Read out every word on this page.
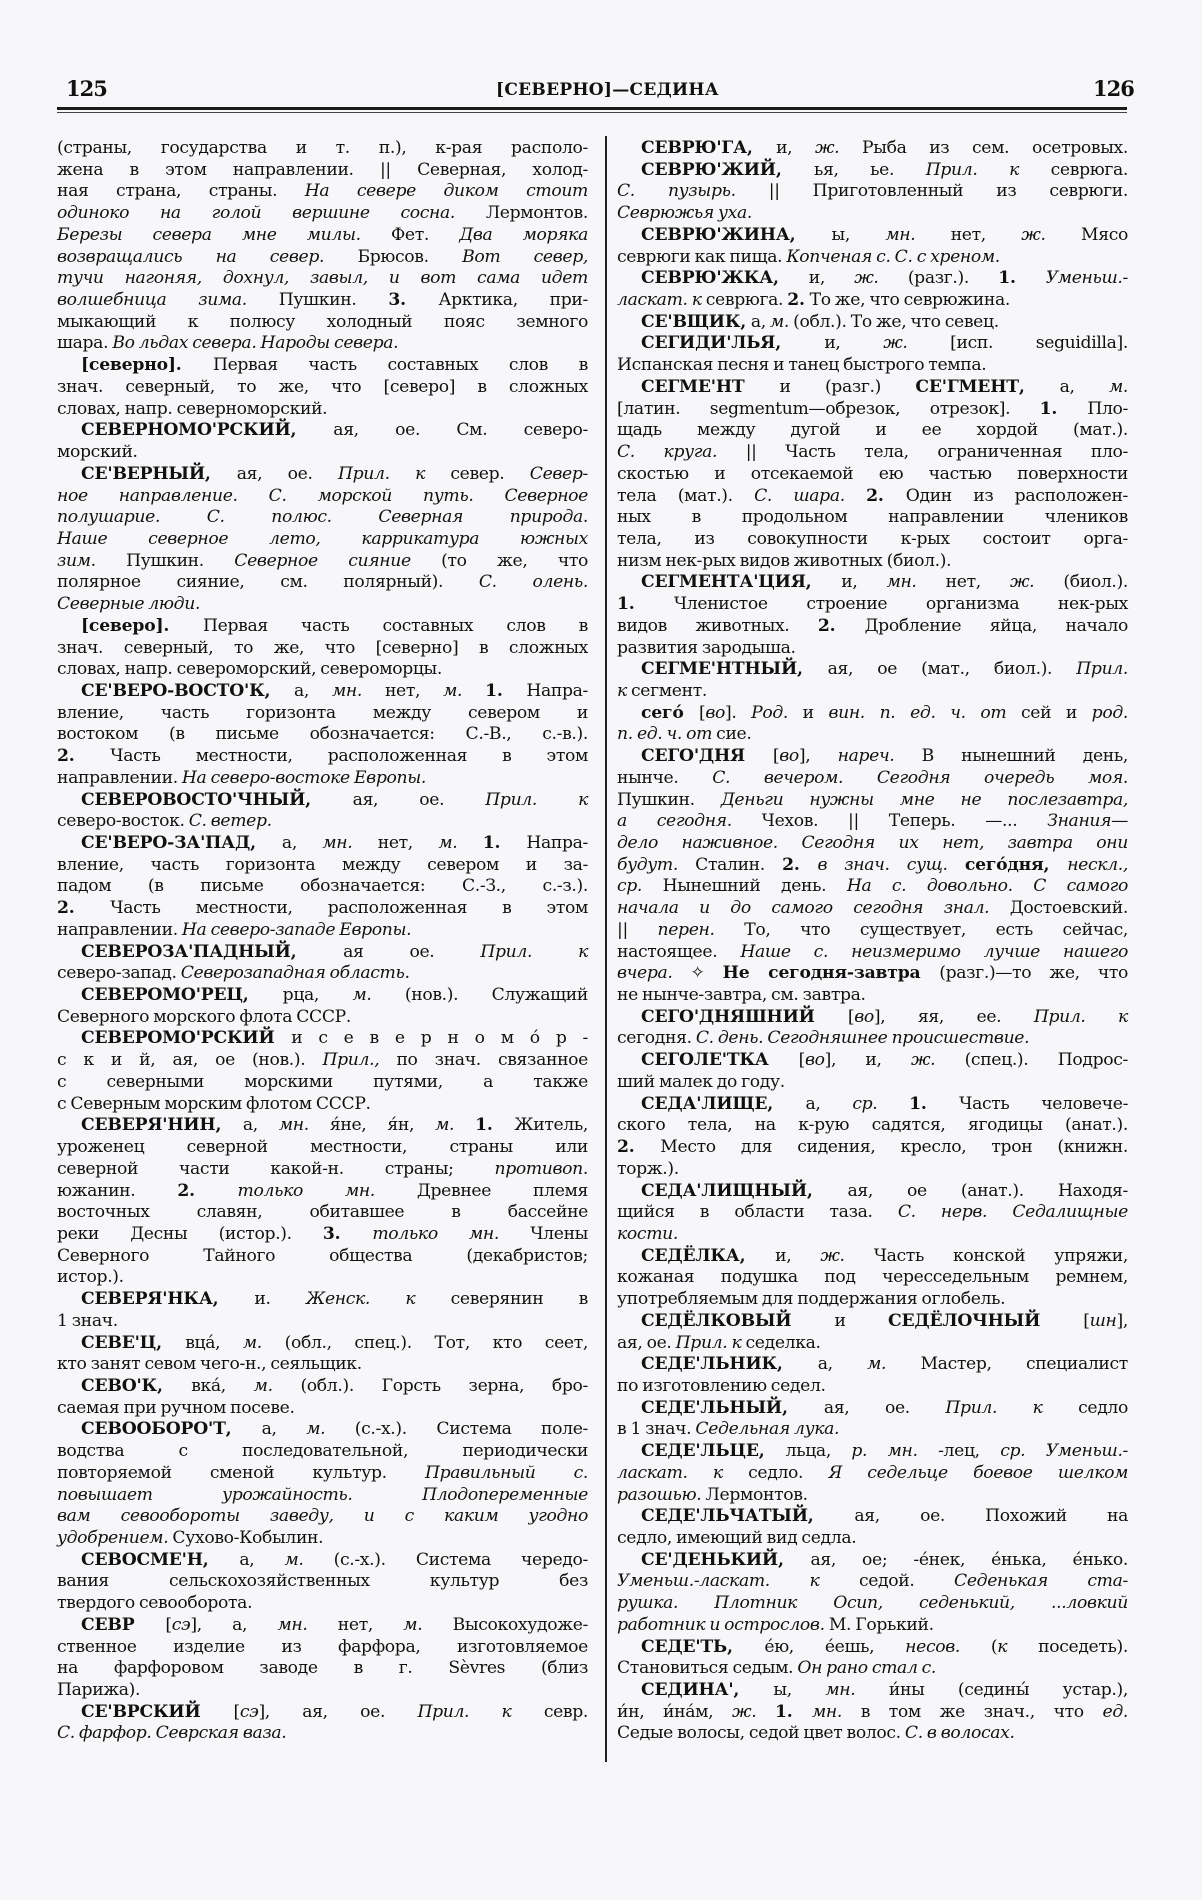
125	[СЕВЕРНО]—СЕДИНА	126
(страны, государства и т. п.), к-рая располо-
жена в этом направлении. || Северная, холод-
ная страна, страны. На севере диком стоит
одиноко на голой вершине сосна. Лермонтов.
Березы севера мне милы. Фет. Два моряка
возвращались на север. Брюсов. Вот север,
тучи нагоняя, дохнул, завыл, и вот сама идет
волшебница зима. Пушкин. 3. Арктика, при-
мыкающий к полюсу холодный пояс земного
шара. Во льдах севера. Народы севера.
[северно]. Первая часть составных слов в
знач. северный, то же, что [северо] в сложных
словах, напр. северноморский.
СЕВЕРНОМО'РСКИЙ, ая, ое. См. северо-
морский.
СЕ'ВЕРНЫЙ, ая, ое. Прил. к север. Север-
ное направление. С. морской путь. Северное
полушарие. С. полюс. Северная природа.
Наше северное лето, каррикатура южных
зим. Пушкин. Северное сияние (то же, что
полярное сияние, см. полярный). С. олень.
Северные люди.
[северо]. Первая часть составных слов в
знач. северный, то же, что [северно] в сложных
словах, напр. североморский, североморцы.
СЕ'ВЕРО-ВОСТО'К, а, мн. нет, м. 1. Напра-
вление, часть горизонта между севером и
востоком (в письме обозначается: С.-В., с.-в.).
2. Часть местности, расположенная в этом
направлении. На северо-востоке Европы.
СЕВЕРОВОСТО'ЧНЫЙ, ая, ое. Прил. к
северо-восток. С. ветер.
СЕ'ВЕРО-ЗА'ПАД, а, мн. нет, м. 1. Напра-
вление, часть горизонта между севером и за-
падом (в письме обозначается: С.-З., с.-з.).
2. Часть местности, расположенная в этом
направлении. На северо-западе Европы.
СЕВЕРОЗА'ПАДНЫЙ, ая ое. Прил. к
северо-запад. Северозападная область.
СЕВЕРОМО'РЕЦ, рца, м. (нов.). Служащий
Северного морского флота СССР.
СЕВЕРОМО'РСКИЙ и с е в е р н о м о́ р -
с к и й, ая, ое (нов.). Прил., по знач. связанное
с северными морскими путями, а также
с Северным морским флотом СССР.
СЕВЕРЯ'НИН, а, мн. я́не, я́н, м. 1. Житель,
уроженец северной местности, страны или
северной части какой-н. страны; противоп.
южанин. 2. только мн. Древнее племя
восточных славян, обитавшее в бассейне
реки Десны (истор.). 3. только мн. Члены
Северного Тайного общества (декабристов;
истор.).
СЕВЕРЯ'НКА, и. Женск. к северянин в
1 знач.
СЕВЕ'Ц, вца́, м. (обл., спец.). Тот, кто сеет,
кто занят севом чего-н., сеяльщик.
СЕВО'К, вка́, м. (обл.). Горсть зерна, бро-
саемая при ручном посеве.
СЕВООБОРО'Т, а, м. (с.-х.). Система поле-
водства с последовательной, периодически
повторяемой сменой культур. Правильный с.
повышает урожайность. Плодопеременные
вам севообороты заведу, и с каким угодно
удобрением. Сухово-Кобылин.
СЕВОСМЕ'Н, а, м. (с.-х.). Система чередо-
вания сельскохозяйственных культур без
твердого севооборота.
СЕВР [сэ], а, мн. нет, м. Высокохудоже-
ственное изделие из фарфора, изготовляемое
на фарфоровом заводе в г. Sèvres (близ
Парижа).
СЕ'ВРСКИЙ [сэ], ая, ое. Прил. к севр.
С. фарфор. Севрская ваза.
СЕВРЮ'ГА, и, ж. Рыба из сем. осетровых.
СЕВРЮ'ЖИЙ, ья, ье. Прил. к севрюга.
С. пузырь. || Приготовленный из севрюги.
Севрюжья уха.
СЕВРЮ'ЖИНА, ы, мн. нет, ж. Мясо
севрюги как пища. Копченая с. С. с хреном.
СЕВРЮ'ЖКА, и, ж. (разг.). 1. Уменьш.-
ласкат. к севрюга. 2. То же, что севрюжина.
СЕ'ВЩИК, а, м. (обл.). То же, что севец.
СЕГИДИ'ЛЬЯ, и, ж. [исп. seguidilla].
Испанская песня и танец быстрого темпа.
СЕГМЕ'НТ и (разг.) СЕ'ГМЕНТ, а, м.
[латин. segmentum—обрезок, отрезок]. 1. Пло-
щадь между дугой и ее хордой (мат.).
С. круга. || Часть тела, ограниченная пло-
скостью и отсекаемой ею частью поверхности
тела (мат.). С. шара. 2. Один из расположен-
ных в продольном направлении члеников
тела, из совокупности к-рых состоит орга-
низм нек-рых видов животных (биол.).
СЕГМЕНТА'ЦИЯ, и, мн. нет, ж. (биол.).
1. Членистое строение организма нек-рых
видов животных. 2. Дробление яйца, начало
развития зародыша.
СЕГМЕ'НТНЫЙ, ая, ое (мат., биол.). Прил.
к сегмент.
сего́ [во]. Род. и вин. п. ед. ч. от сей и род.
п. ед. ч. от сие.
СЕГО'ДНЯ [во], нареч. В нынешний день,
нынче. С. вечером. Сегодня очередь моя.
Пушкин. Деньги нужны мне не послезавтра,
а сегодня. Чехов. || Теперь. —... Знания—
дело наживное. Сегодня их нет, завтра они
будут. Сталин. 2. в знач. сущ. сего́дня, нескл.,
ср. Нынешний день. На с. довольно. С самого
начала и до самого сегодня знал. Достоевский.
|| перен. То, что существует, есть сейчас,
настоящее. Наше с. неизмеримо лучше нашего
вчера. ✧ Не сегодня-завтра (разг.)—то же, что
не нынче-завтра, см. завтра.
СЕГО'ДНЯШНИЙ [во], яя, ее. Прил. к
сегодня. С. день. Сегодняшнее происшествие.
СЕГОЛЕ'ТКА [во], и, ж. (спец.). Подрос-
ший малек до году.
СЕДА'ЛИЩЕ, а, ср. 1. Часть человече-
ского тела, на к-рую садятся, ягодицы (анат.).
2. Место для сидения, кресло, трон (книжн.
торж.).
СЕДА'ЛИЩНЫЙ, ая, ое (анат.). Находя-
щийся в области таза. С. нерв. Седалищные
кости.
СЕДЁЛКА, и, ж. Часть конской упряжи,
кожаная подушка под чересседельным ремнем,
употребляемым для поддержания оглобель.
СЕДЁЛКОВЫЙ и СЕДЁЛОЧНЫЙ [шн],
ая, ое. Прил. к седелка.
СЕДЕ'ЛЬНИК, а, м. Мастер, специалист
по изготовлению седел.
СЕДЕ'ЛЬНЫЙ, ая, ое. Прил. к седло
в 1 знач. Седельная лука.
СЕДЕ'ЛЬЦЕ, льца, р. мн. -лец, ср. Уменьш.-
ласкат. к седло. Я седельце боевое шелком
разошью. Лермонтов.
СЕДЕ'ЛЬЧАТЫЙ, ая, ое. Похожий на
седло, имеющий вид седла.
СЕ'ДЕНЬКИЙ, ая, ое; -е́нек, е́нька, е́нько.
Уменьш.-ласкат. к седой. Седенькая ста-
рушка. Плотник Осип, седенький, ...ловкий
работник и острослов. М. Горький.
СЕДЕ'ТЬ, е́ю, е́ешь, несов. (к поседеть).
Становиться седым. Он рано стал с.
СЕДИНА', ы, мн. и́ны (седины́ устар.),
и́н, и́на́м, ж. 1. мн. в том же знач., что ед.
Седые волосы, седой цвет волос. С. в волосах.
